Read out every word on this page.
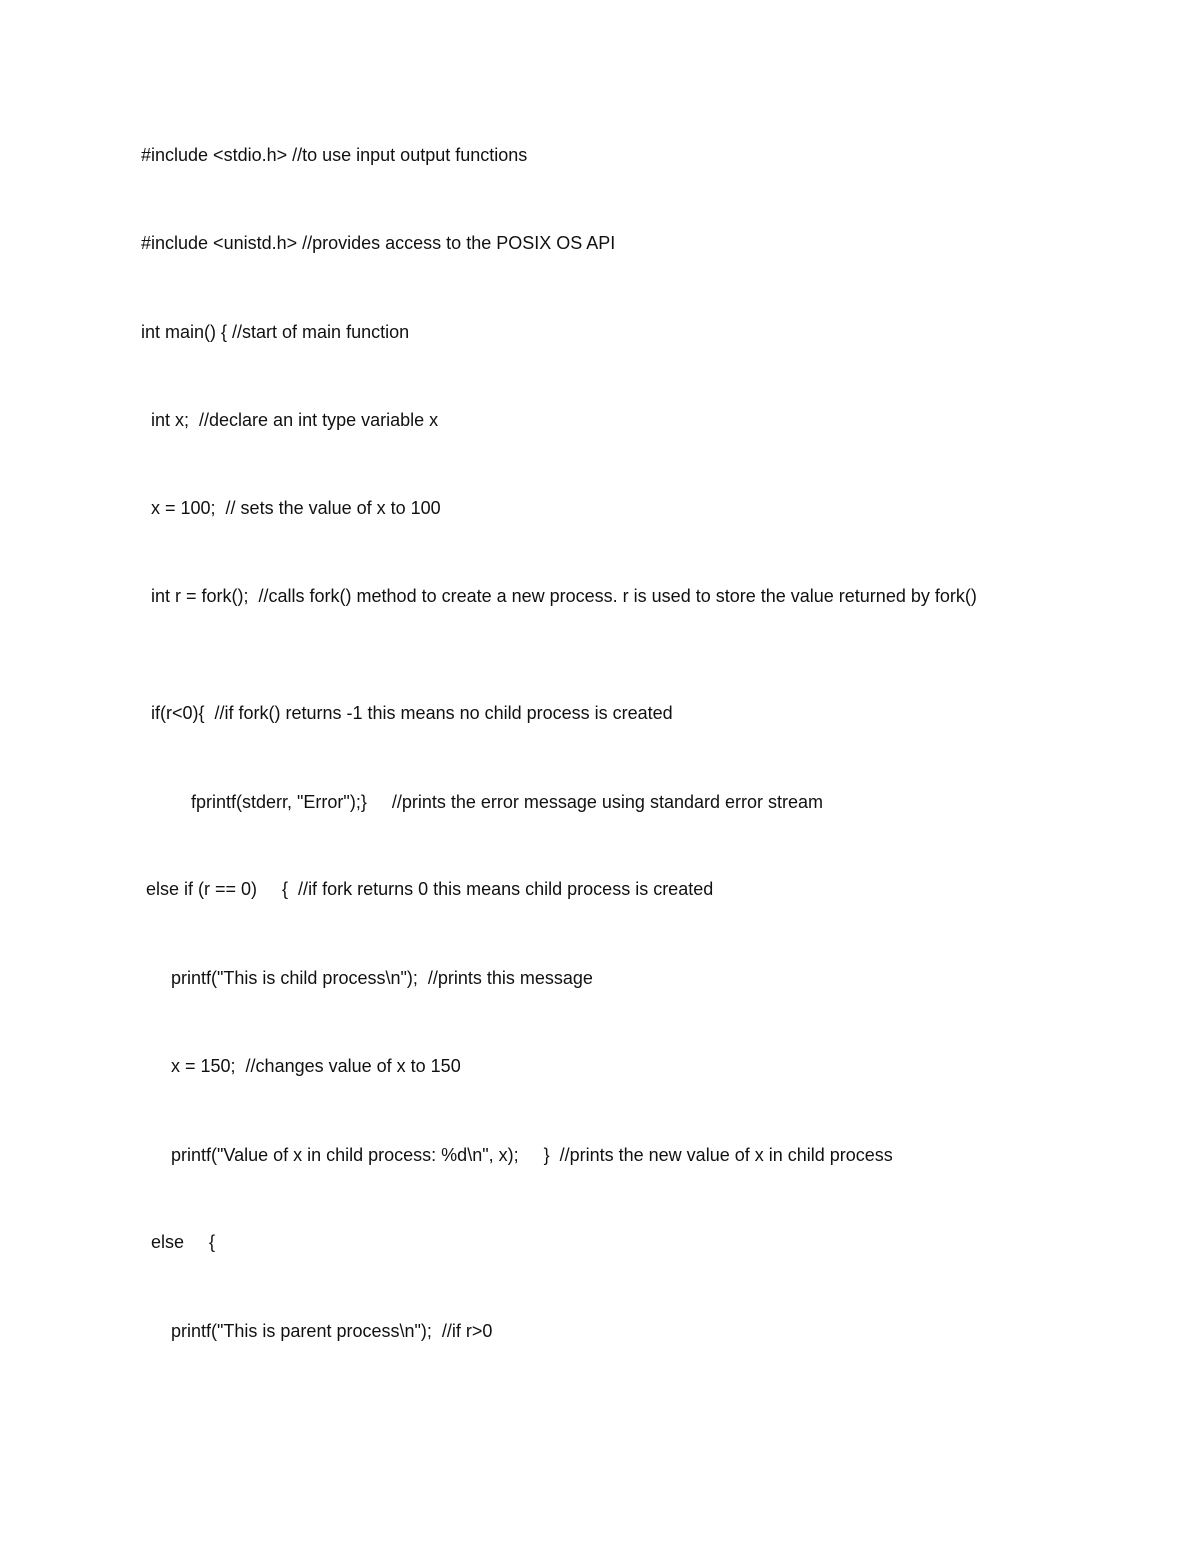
#include <stdio.h> //to use input output functions

#include <unistd.h> //provides access to the POSIX OS API

int main() { //start of main function

int x;  //declare an int type variable x

x = 100;  // sets the value of x to 100

int r = fork();  //calls fork() method to create a new process. r is used to store the value returned by fork()

if(r<0){  //if fork() returns -1 this means no child process is created

fprintf(stderr, "Error");}     //prints the error message using standard error stream

else if (r == 0)     {  //if fork returns 0 this means child process is created

printf("This is child process\n");  //prints this message

x = 150;  //changes value of x to 150

printf("Value of x in child process: %d\n", x);     }  //prints the new value of x in child process

else     {

printf("This is parent process\n");  //if r>0
